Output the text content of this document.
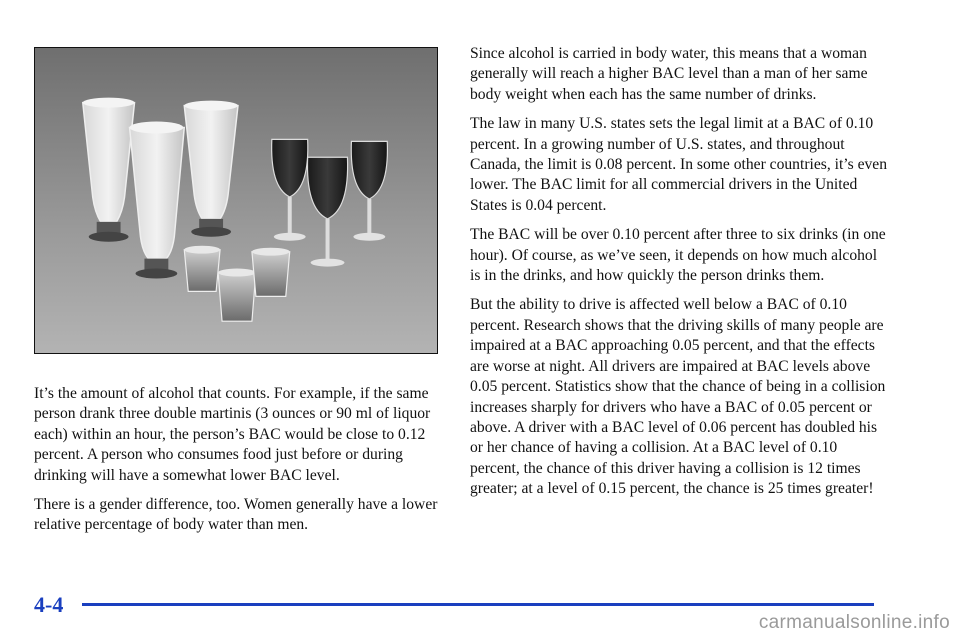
It’s the amount of alcohol that counts. For example, if the same person drank three double martinis (3 ounces or 90 ml of liquor each) within an hour, the person’s BAC would be close to 0.12 percent. A person who consumes food just before or during drinking will have a somewhat lower BAC level.

There is a gender difference, too. Women generally have a lower relative percentage of body water than men.

Since alcohol is carried in body water, this means that a woman generally will reach a higher BAC level than a man of her same body weight when each has the same number of drinks.

The law in many U.S. states sets the legal limit at a BAC of 0.10 percent. In a growing number of U.S. states, and throughout Canada, the limit is 0.08 percent. In some other countries, it’s even lower. The BAC limit for all commercial drivers in the United States is 0.04 percent.

The BAC will be over 0.10 percent after three to six drinks (in one hour). Of course, as we’ve seen, it depends on how much alcohol is in the drinks, and how quickly the person drinks them.

But the ability to drive is affected well below a BAC of 0.10 percent. Research shows that the driving skills of many people are impaired at a BAC approaching 0.05 percent, and that the effects are worse at night. All drivers are impaired at BAC levels above 0.05 percent. Statistics show that the chance of being in a collision increases sharply for drivers who have a BAC of 0.05 percent or above. A driver with a BAC level of 0.06 percent has doubled his or her chance of having a collision. At a BAC level of 0.10 percent, the chance of this driver having a collision is 12 times greater; at a level of 0.15 percent, the chance is 25 times greater!

4-4
carmanualsonline.info
